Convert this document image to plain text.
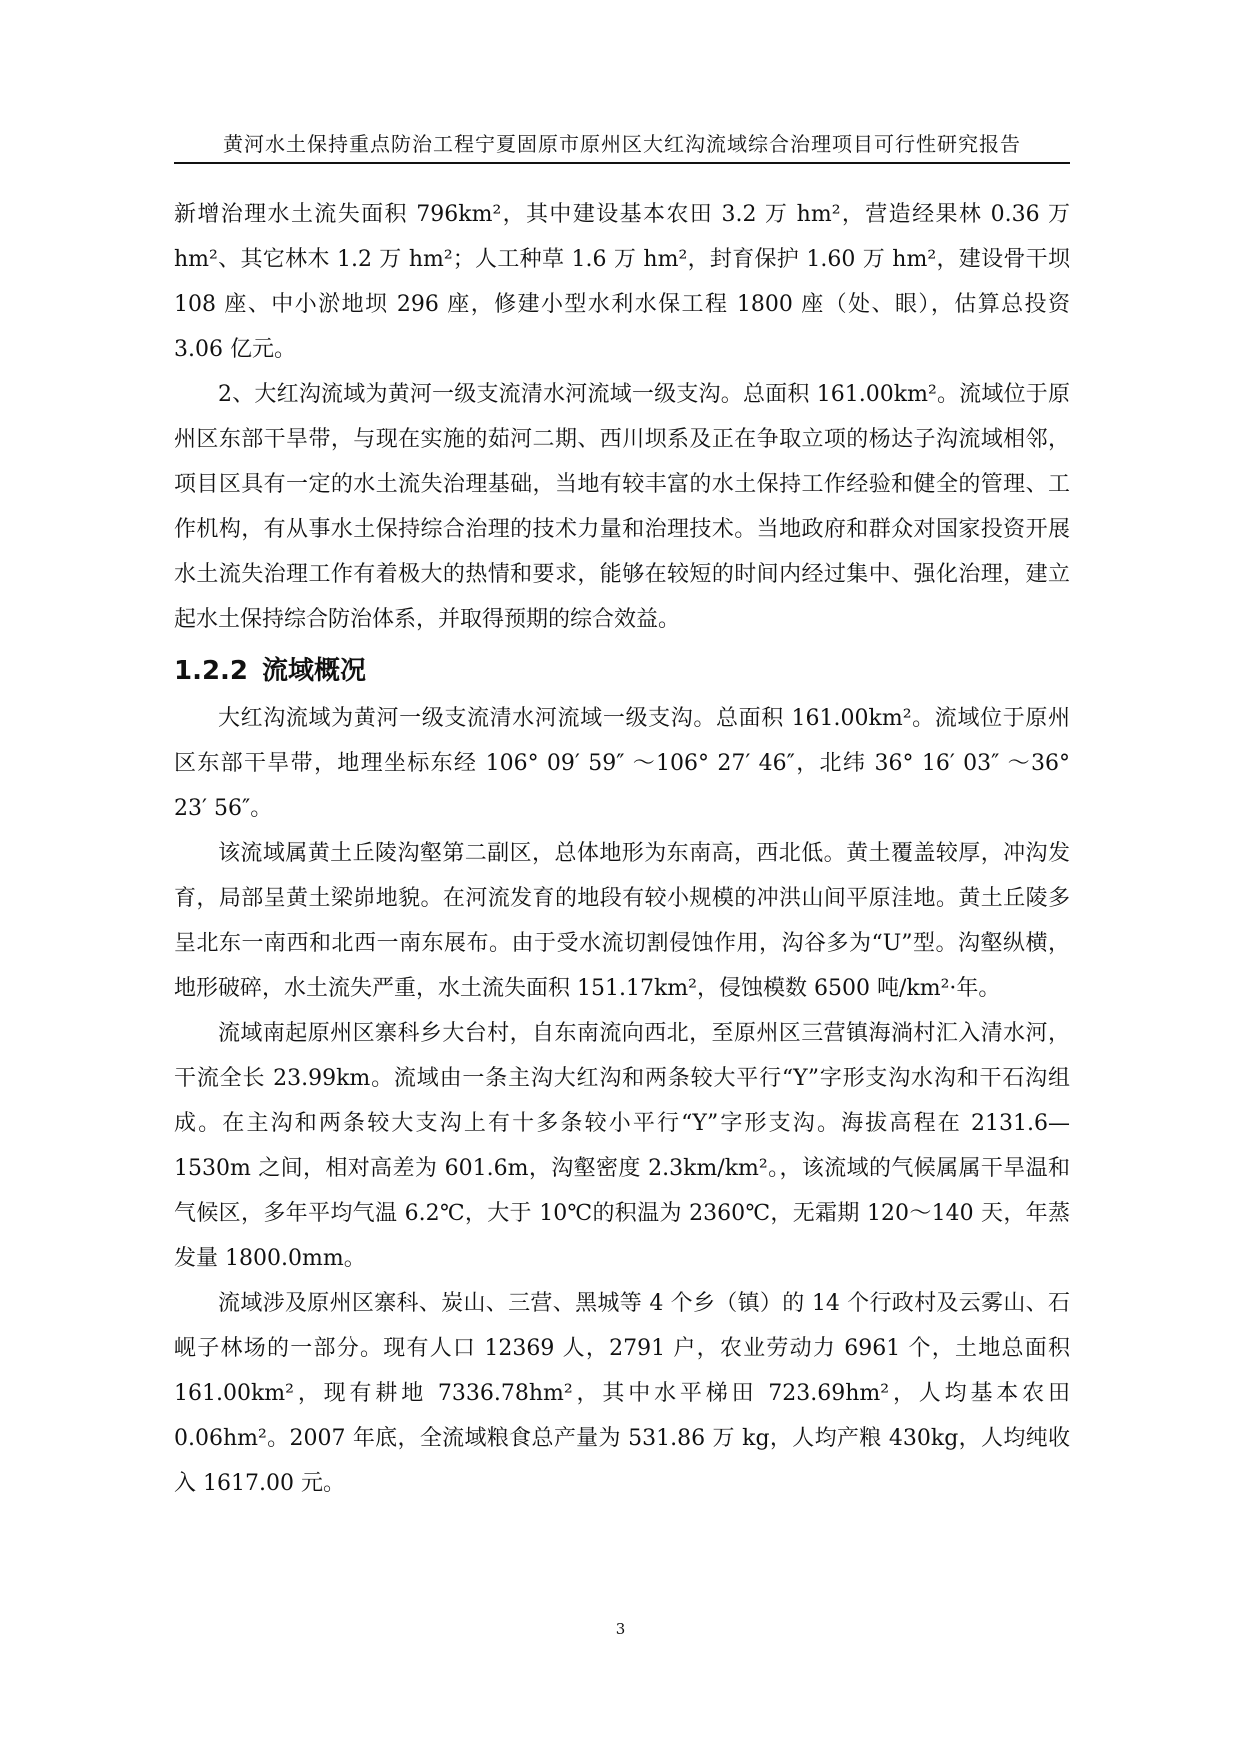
黄河水土保持重点防治工程宁夏固原市原州区大红沟流域综合治理项目可行性研究报告

新增治理水土流失面积 796km²，其中建设基本农田 3.2 万 hm²，营造经果林 0.36 万 hm²、其它林木 1.2 万 hm²；人工种草 1.6 万 hm²，封育保护 1.60 万 hm²，建设骨干坝 108 座、中小淤地坝 296 座，修建小型水利水保工程 1800 座（处、眼），估算总投资 3.06 亿元。

2、大红沟流域为黄河一级支流清水河流域一级支沟。总面积 161.00km²。流域位于原州区东部干旱带，与现在实施的茹河二期、西川坝系及正在争取立项的杨达子沟流域相邻，项目区具有一定的水土流失治理基础，当地有较丰富的水土保持工作经验和健全的管理、工作机构，有从事水土保持综合治理的技术力量和治理技术。当地政府和群众对国家投资开展水土流失治理工作有着极大的热情和要求，能够在较短的时间内经过集中、强化治理，建立起水土保持综合防治体系，并取得预期的综合效益。

1.2.2 流域概况

大红沟流域为黄河一级支流清水河流域一级支沟。总面积 161.00km²。流域位于原州区东部干旱带，地理坐标东经 106° 09′ 59″ ～106° 27′ 46″，北纬 36° 16′ 03″ ～36° 23′ 56″。

该流域属黄土丘陵沟壑第二副区，总体地形为东南高，西北低。黄土覆盖较厚，冲沟发育，局部呈黄土梁峁地貌。在河流发育的地段有较小规模的冲洪山间平原洼地。黄土丘陵多呈北东一南西和北西一南东展布。由于受水流切割侵蚀作用，沟谷多为“U”型。沟壑纵横，地形破碎，水土流失严重，水土流失面积 151.17km²，侵蚀模数 6500 吨/km²·年。

流域南起原州区寨科乡大台村，自东南流向西北，至原州区三营镇海淌村汇入清水河，干流全长 23.99km。流域由一条主沟大红沟和两条较大平行“Y”字形支沟水沟和干石沟组成。在主沟和两条较大支沟上有十多条较小平行“Y”字形支沟。海拔高程在 2131.6—1530m 之间，相对高差为 601.6m，沟壑密度 2.3km/km²。，该流域的气候属属干旱温和气候区，多年平均气温 6.2℃，大于 10℃的积温为 2360℃，无霜期 120～140 天，年蒸发量 1800.0mm。

流域涉及原州区寨科、炭山、三营、黑城等 4 个乡（镇）的 14 个行政村及云雾山、石岘子林场的一部分。现有人口 12369 人，2791 户，农业劳动力 6961 个，土地总面积 161.00km²，现有耕地 7336.78hm²，其中水平梯田 723.69hm²，人均基本农田 0.06hm²。2007 年底，全流域粮食总产量为 531.86 万 kg，人均产粮 430kg，人均纯收入 1617.00 元。

3
